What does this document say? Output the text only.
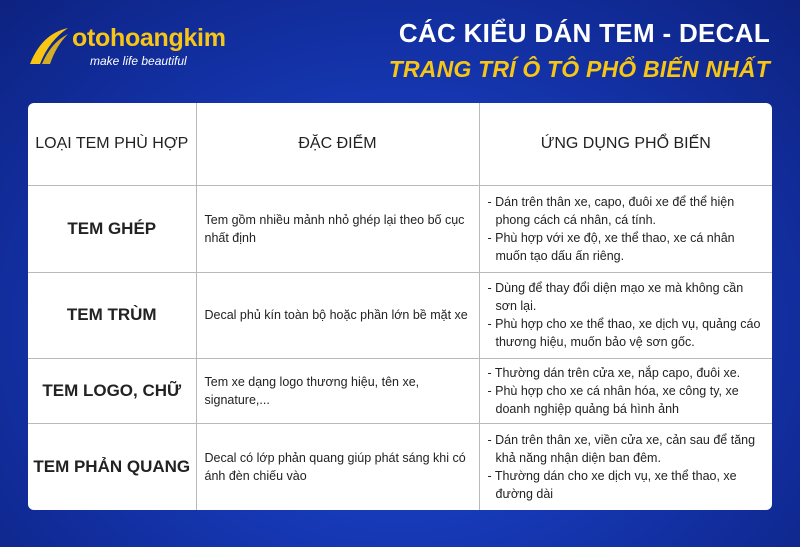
otohoangkim
make life beautiful
CÁC KIỂU DÁN TEM - DECAL
TRANG TRÍ Ô TÔ PHỔ BIẾN NHẤT
LOẠI TEM PHÙ HỢP	ĐẶC ĐIỂM	ỨNG DỤNG PHỔ BIẾN
TEM GHÉP	Tem gồm nhiều mảnh nhỏ ghép lại theo bố cục nhất định	- Dán trên thân xe, capo, đuôi xe để thể hiện phong cách cá nhân, cá tính.
- Phù hợp với xe độ, xe thể thao, xe cá nhân muốn tạo dấu ấn riêng.

TEM TRÙM	Decal phủ kín toàn bộ hoặc phần lớn bề mặt xe	- Dùng để thay đổi diện mạo xe mà không cần sơn lại.
- Phù hợp cho xe thể thao, xe dịch vụ, quảng cáo thương hiệu, muốn bảo vệ sơn gốc.

TEM LOGO, CHỮ	Tem xe dạng logo thương hiệu, tên xe, signature,...	- Thường dán trên cửa xe, nắp capo, đuôi xe.
- Phù hợp cho xe cá nhân hóa, xe công ty, xe doanh nghiệp quảng bá hình ảnh

TEM PHẢN QUANG	Decal có lớp phản quang giúp phát sáng khi có ánh đèn chiếu vào	- Dán trên thân xe, viền cửa xe, cản sau để tăng khả năng nhận diện ban đêm.
- Thường dán cho xe dịch vụ, xe thể thao, xe đường dài
